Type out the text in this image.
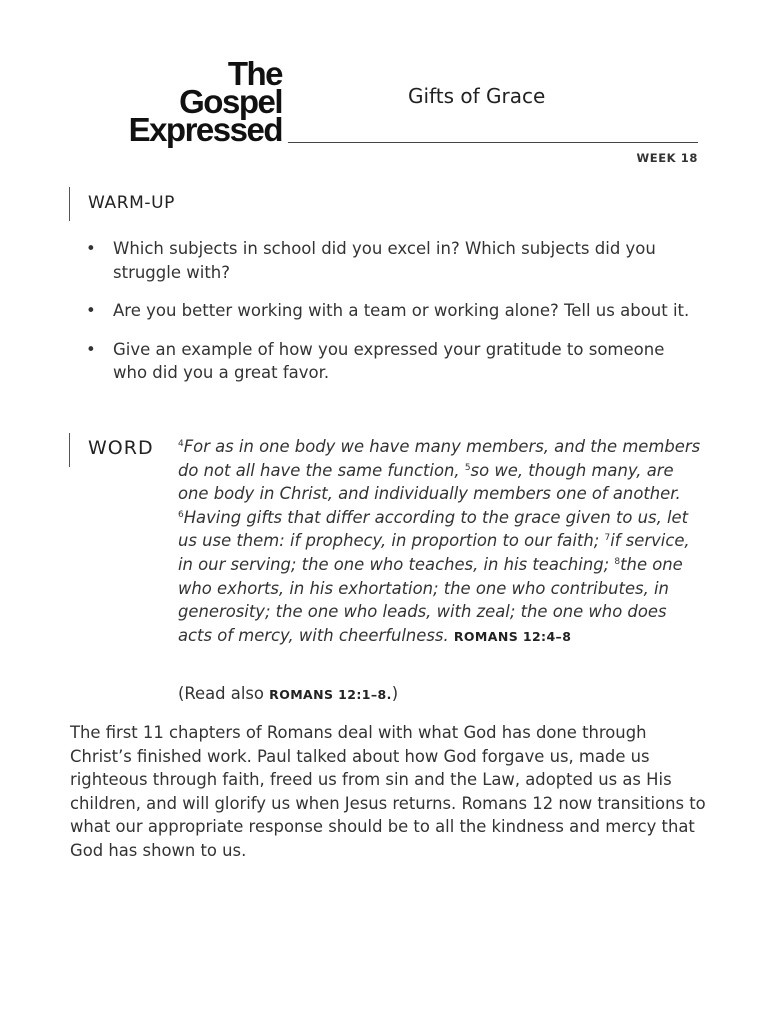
The
Gospel
Expressed
Gifts of Grace
WEEK 18
WARM-UP
• Which subjects in school did you excel in? Which subjects did you struggle with?
• Are you better working with a team or working alone? Tell us about it.
• Give an example of how you expressed your gratitude to someone who did you a great favor.
WORD	$^4$For as in one body we have many members, and the members do not all have the same function, $^5$so we, though many, are one body in Christ, and individually members one of another. $^6$Having gifts that differ according to the grace given to us, let us use them: if prophecy, in proportion to our faith; $^7$if service, in our serving; the one who teaches, in his teaching; $^8$the one who exhorts, in his exhortation; the one who contributes, in generosity; the one who leads, with zeal; the one who does acts of mercy, with cheerfulness. ROMANS 12:4–8

(Read also ROMANS 12:1–8.)

The first 11 chapters of Romans deal with what God has done through Christ’s finished work. Paul talked about how God forgave us, made us righteous through faith, freed us from sin and the Law, adopted us as His children, and will glorify us when Jesus returns. Romans 12 now transitions to what our appropriate response should be to all the kindness and mercy that God has shown to us.
